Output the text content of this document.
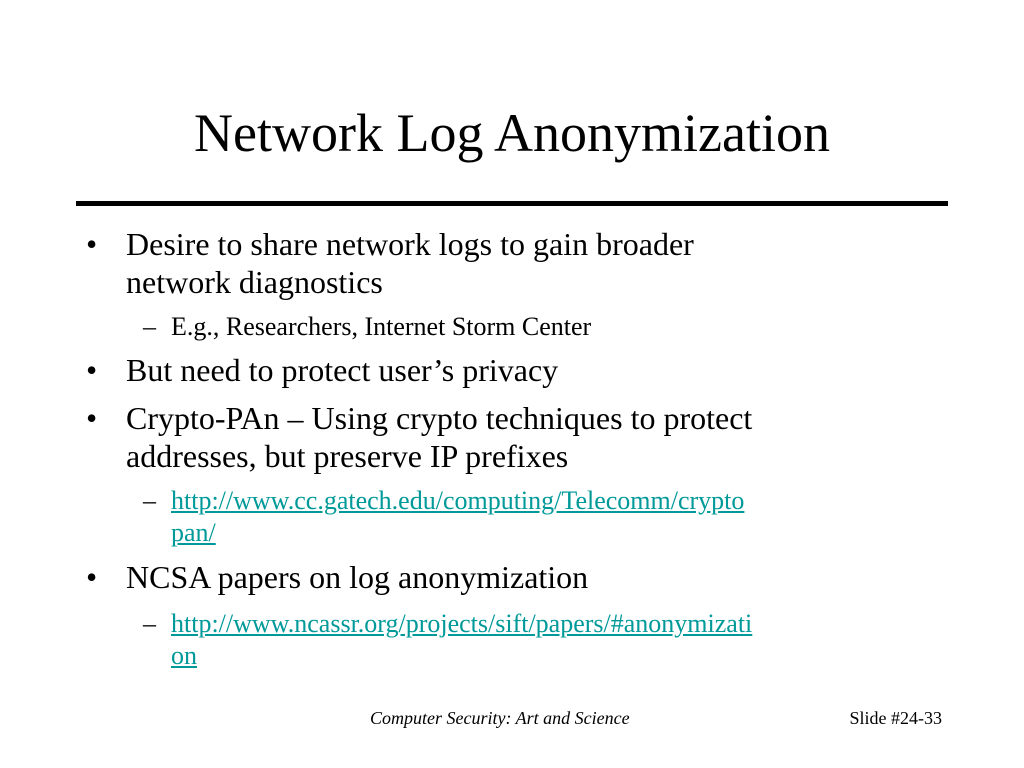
Network Log Anonymization
• Desire to share network logs to gain broader
network diagnostics
– E.g., Researchers, Internet Storm Center
• But need to protect user’s privacy
• Crypto-PAn – Using crypto techniques to protect
addresses, but preserve IP prefixes
– http://www.cc.gatech.edu/computing/Telecomm/crypto
pan/
• NCSA papers on log anonymization
– http://www.ncassr.org/projects/sift/papers/#anonymizati
on
Computer Security: Art and Science	Slide #24-33
